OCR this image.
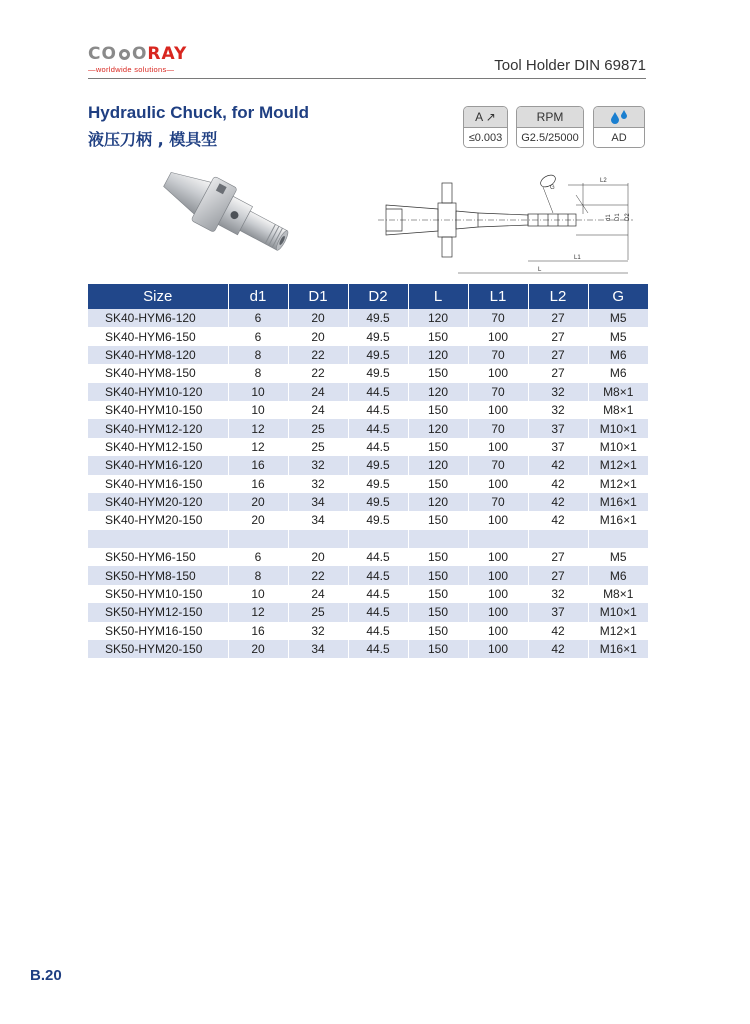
CO O RAY
—worldwide solutions—	Tool Holder DIN 69871
Hydraulic Chuck, for Mould
液压刀柄 , 模具型
A ↗
≤0.003
RPM
G2.5/25000	AD
G
L2
L1
L
d1 D1 D2
Size	d1	D1	D2	L	L1	L2	G
SK40-HYM6-120	6	20	49.5	120	70	27	M5
SK40-HYM6-150	6	20	49.5	150	100	27	M5
SK40-HYM8-120	8	22	49.5	120	70	27	M6
SK40-HYM8-150	8	22	49.5	150	100	27	M6
SK40-HYM10-120	10	24	44.5	120	70	32	M8×1
SK40-HYM10-150	10	24	44.5	150	100	32	M8×1
SK40-HYM12-120	12	25	44.5	120	70	37	M10×1
SK40-HYM12-150	12	25	44.5	150	100	37	M10×1
SK40-HYM16-120	16	32	49.5	120	70	42	M12×1
SK40-HYM16-150	16	32	49.5	150	100	42	M12×1
SK40-HYM20-120	20	34	49.5	120	70	42	M16×1
SK40-HYM20-150	20	34	49.5	150	100	42	M16×1

SK50-HYM6-150	6	20	44.5	150	100	27	M5
SK50-HYM8-150	8	22	44.5	150	100	27	M6
SK50-HYM10-150	10	24	44.5	150	100	32	M8×1
SK50-HYM12-150	12	25	44.5	150	100	37	M10×1
SK50-HYM16-150	16	32	44.5	150	100	42	M12×1
SK50-HYM20-150	20	34	44.5	150	100	42	M16×1
B.20
